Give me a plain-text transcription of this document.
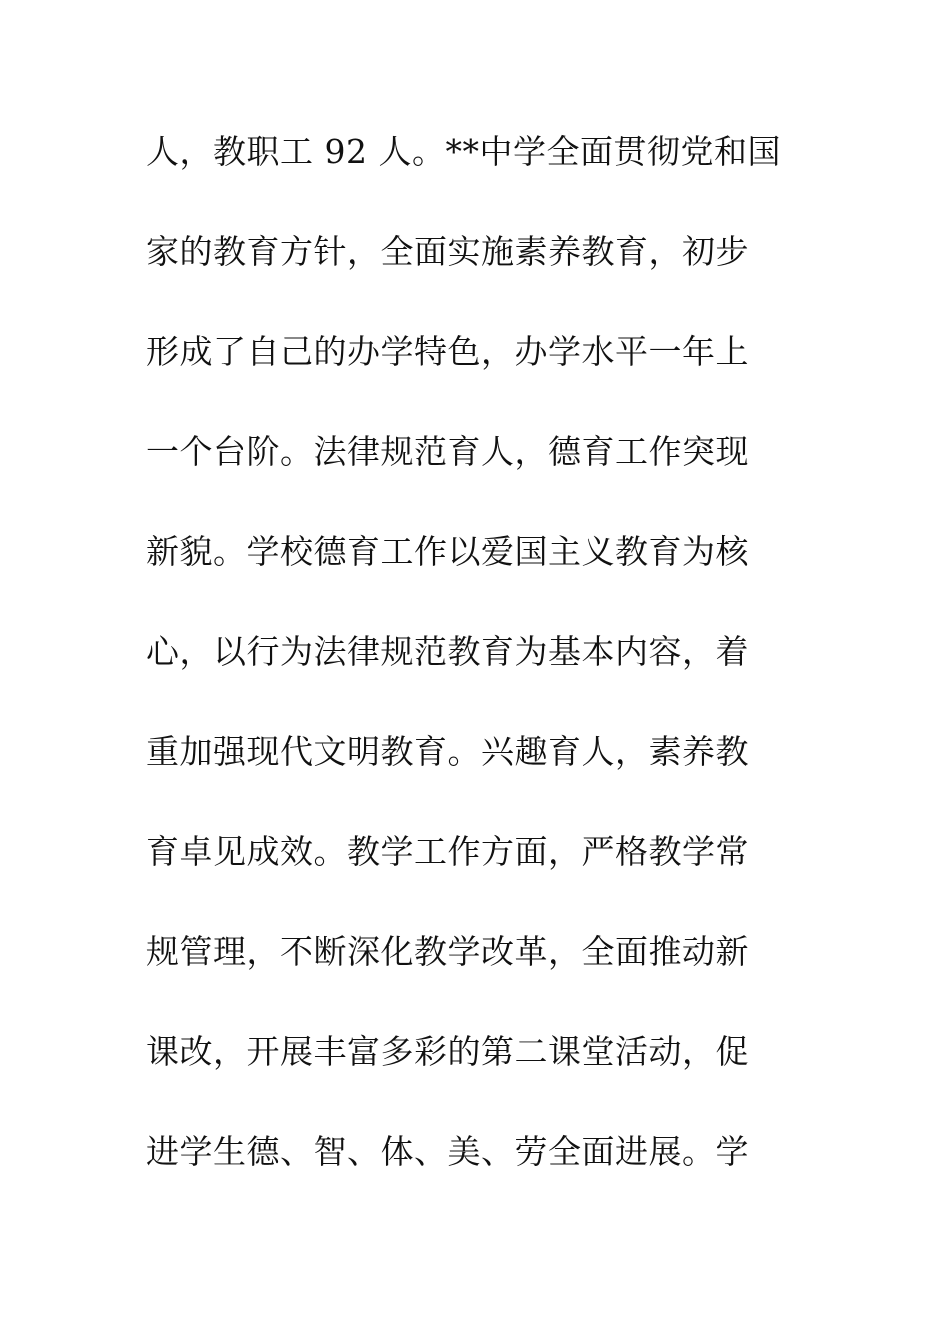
人，教职工 92 人。**中学全面贯彻党和国
家的教育方针，全面实施素养教育，初步
形成了自己的办学特色，办学水平一年上
一个台阶。法律规范育人，德育工作突现
新貌。学校德育工作以爱国主义教育为核
心，以行为法律规范教育为基本内容，着
重加强现代文明教育。兴趣育人，素养教
育卓见成效。教学工作方面，严格教学常
规管理，不断深化教学改革，全面推动新
课改，开展丰富多彩的第二课堂活动，促
进学生德、智、体、美、劳全面进展。学
